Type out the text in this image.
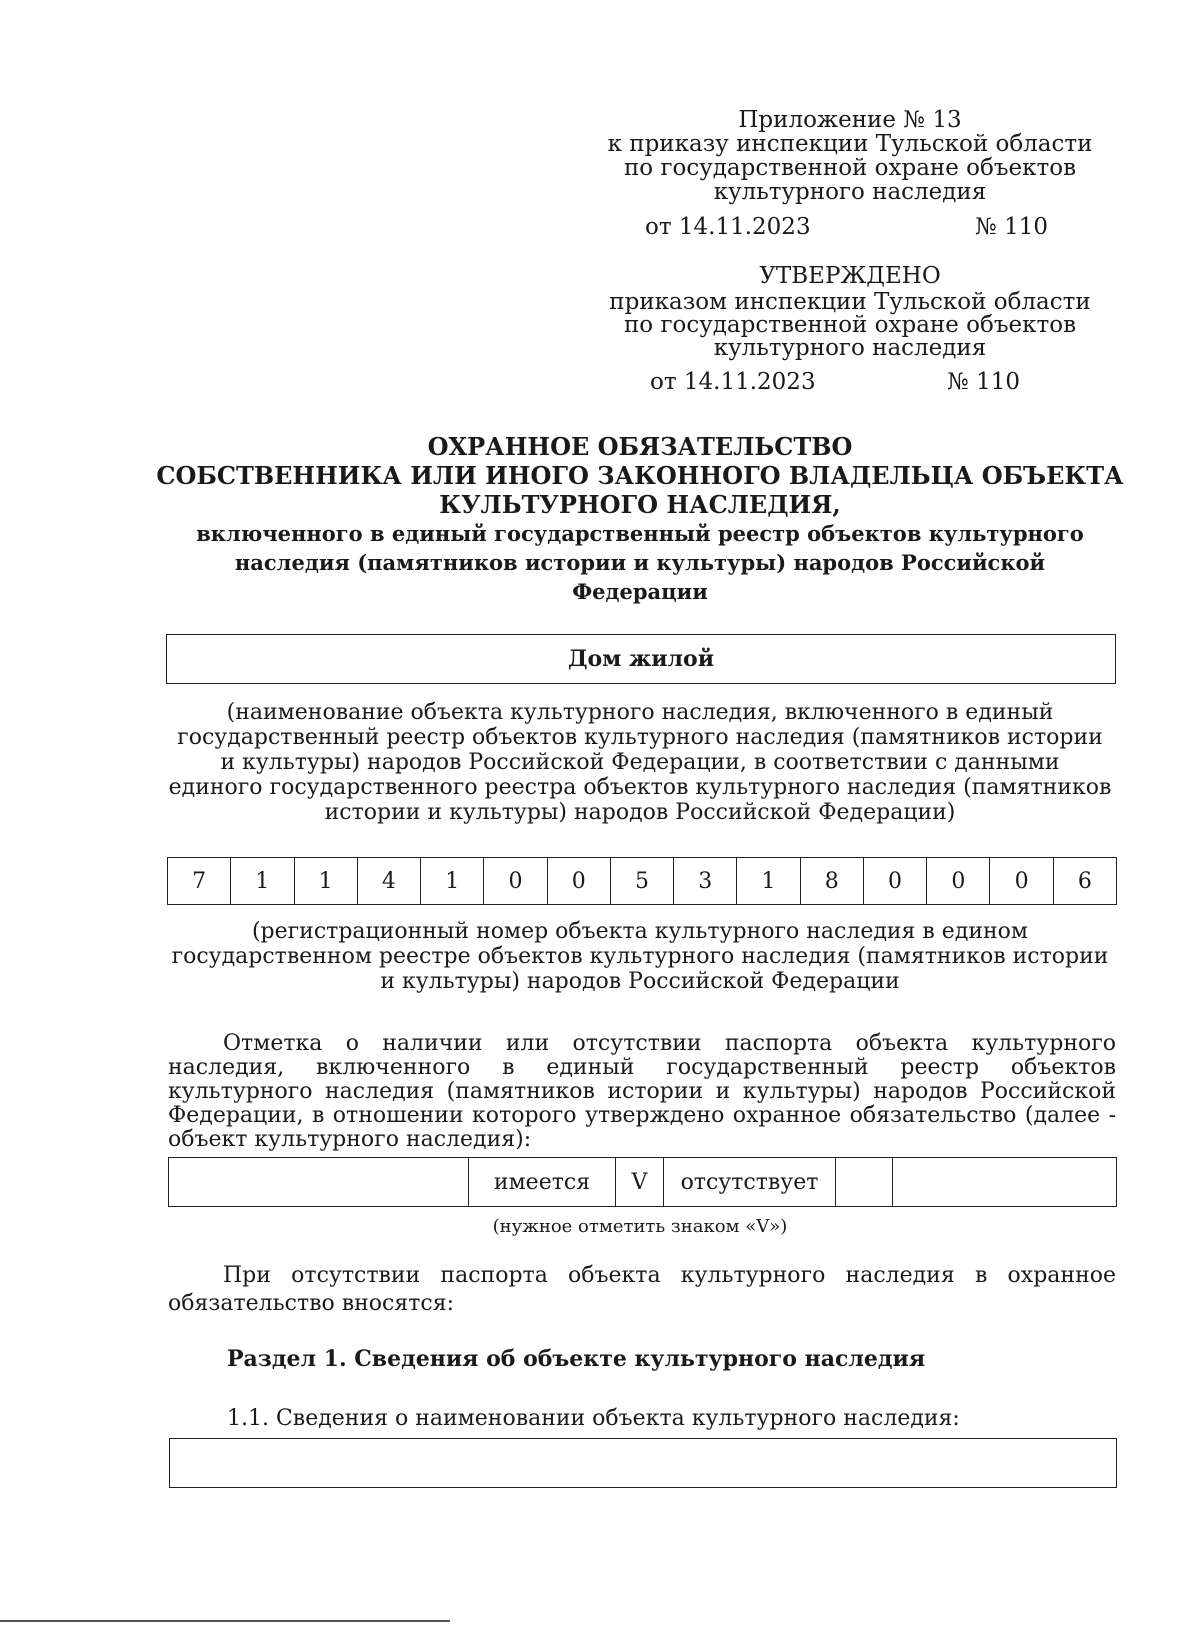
Приложение № 13
к приказу инспекции Тульской области
по государственной охране объектов
культурного наследия
от 14.11.2023	№ 110
УТВЕРЖДЕНО
приказом инспекции Тульской области
по государственной охране объектов
культурного наследия
от 14.11.2023	№ 110
ОХРАННОЕ ОБЯЗАТЕЛЬСТВО
СОБСТВЕННИКА ИЛИ ИНОГО ЗАКОННОГО ВЛАДЕЛЬЦА ОБЪЕКТА
КУЛЬТУРНОГО НАСЛЕДИЯ,
включенного в единый государственный реестр объектов культурного
наследия (памятников истории и культуры) народов Российской
Федерации
Дом жилой
(наименование объекта культурного наследия, включенного в единый
государственный реестр объектов культурного наследия (памятников истории
и культуры) народов Российской Федерации, в соответствии с данными
единого государственного реестра объектов культурного наследия (памятников
истории и культуры) народов Российской Федерации)
7	1	1	4	1	0	0	5	3	1	8	0	0	0	6
(регистрационный номер объекта культурного наследия в едином
государственном реестре объектов культурного наследия (памятников истории
и культуры) народов Российской Федерации
Отметка о наличии или отсутствии паспорта объекта культурного наследия, включенного в единый государственный реестр объектов культурного наследия (памятников истории и культуры) народов Российской Федерации, в отношении которого утверждено охранное обязательство (далее - объект культурного наследия):
	имеется	V	отсутствует		
(нужное отметить знаком «V»)
При отсутствии паспорта объекта культурного наследия в охранное обязательство вносятся:
Раздел 1. Сведения об объекте культурного наследия
1.1. Сведения о наименовании объекта культурного наследия:
